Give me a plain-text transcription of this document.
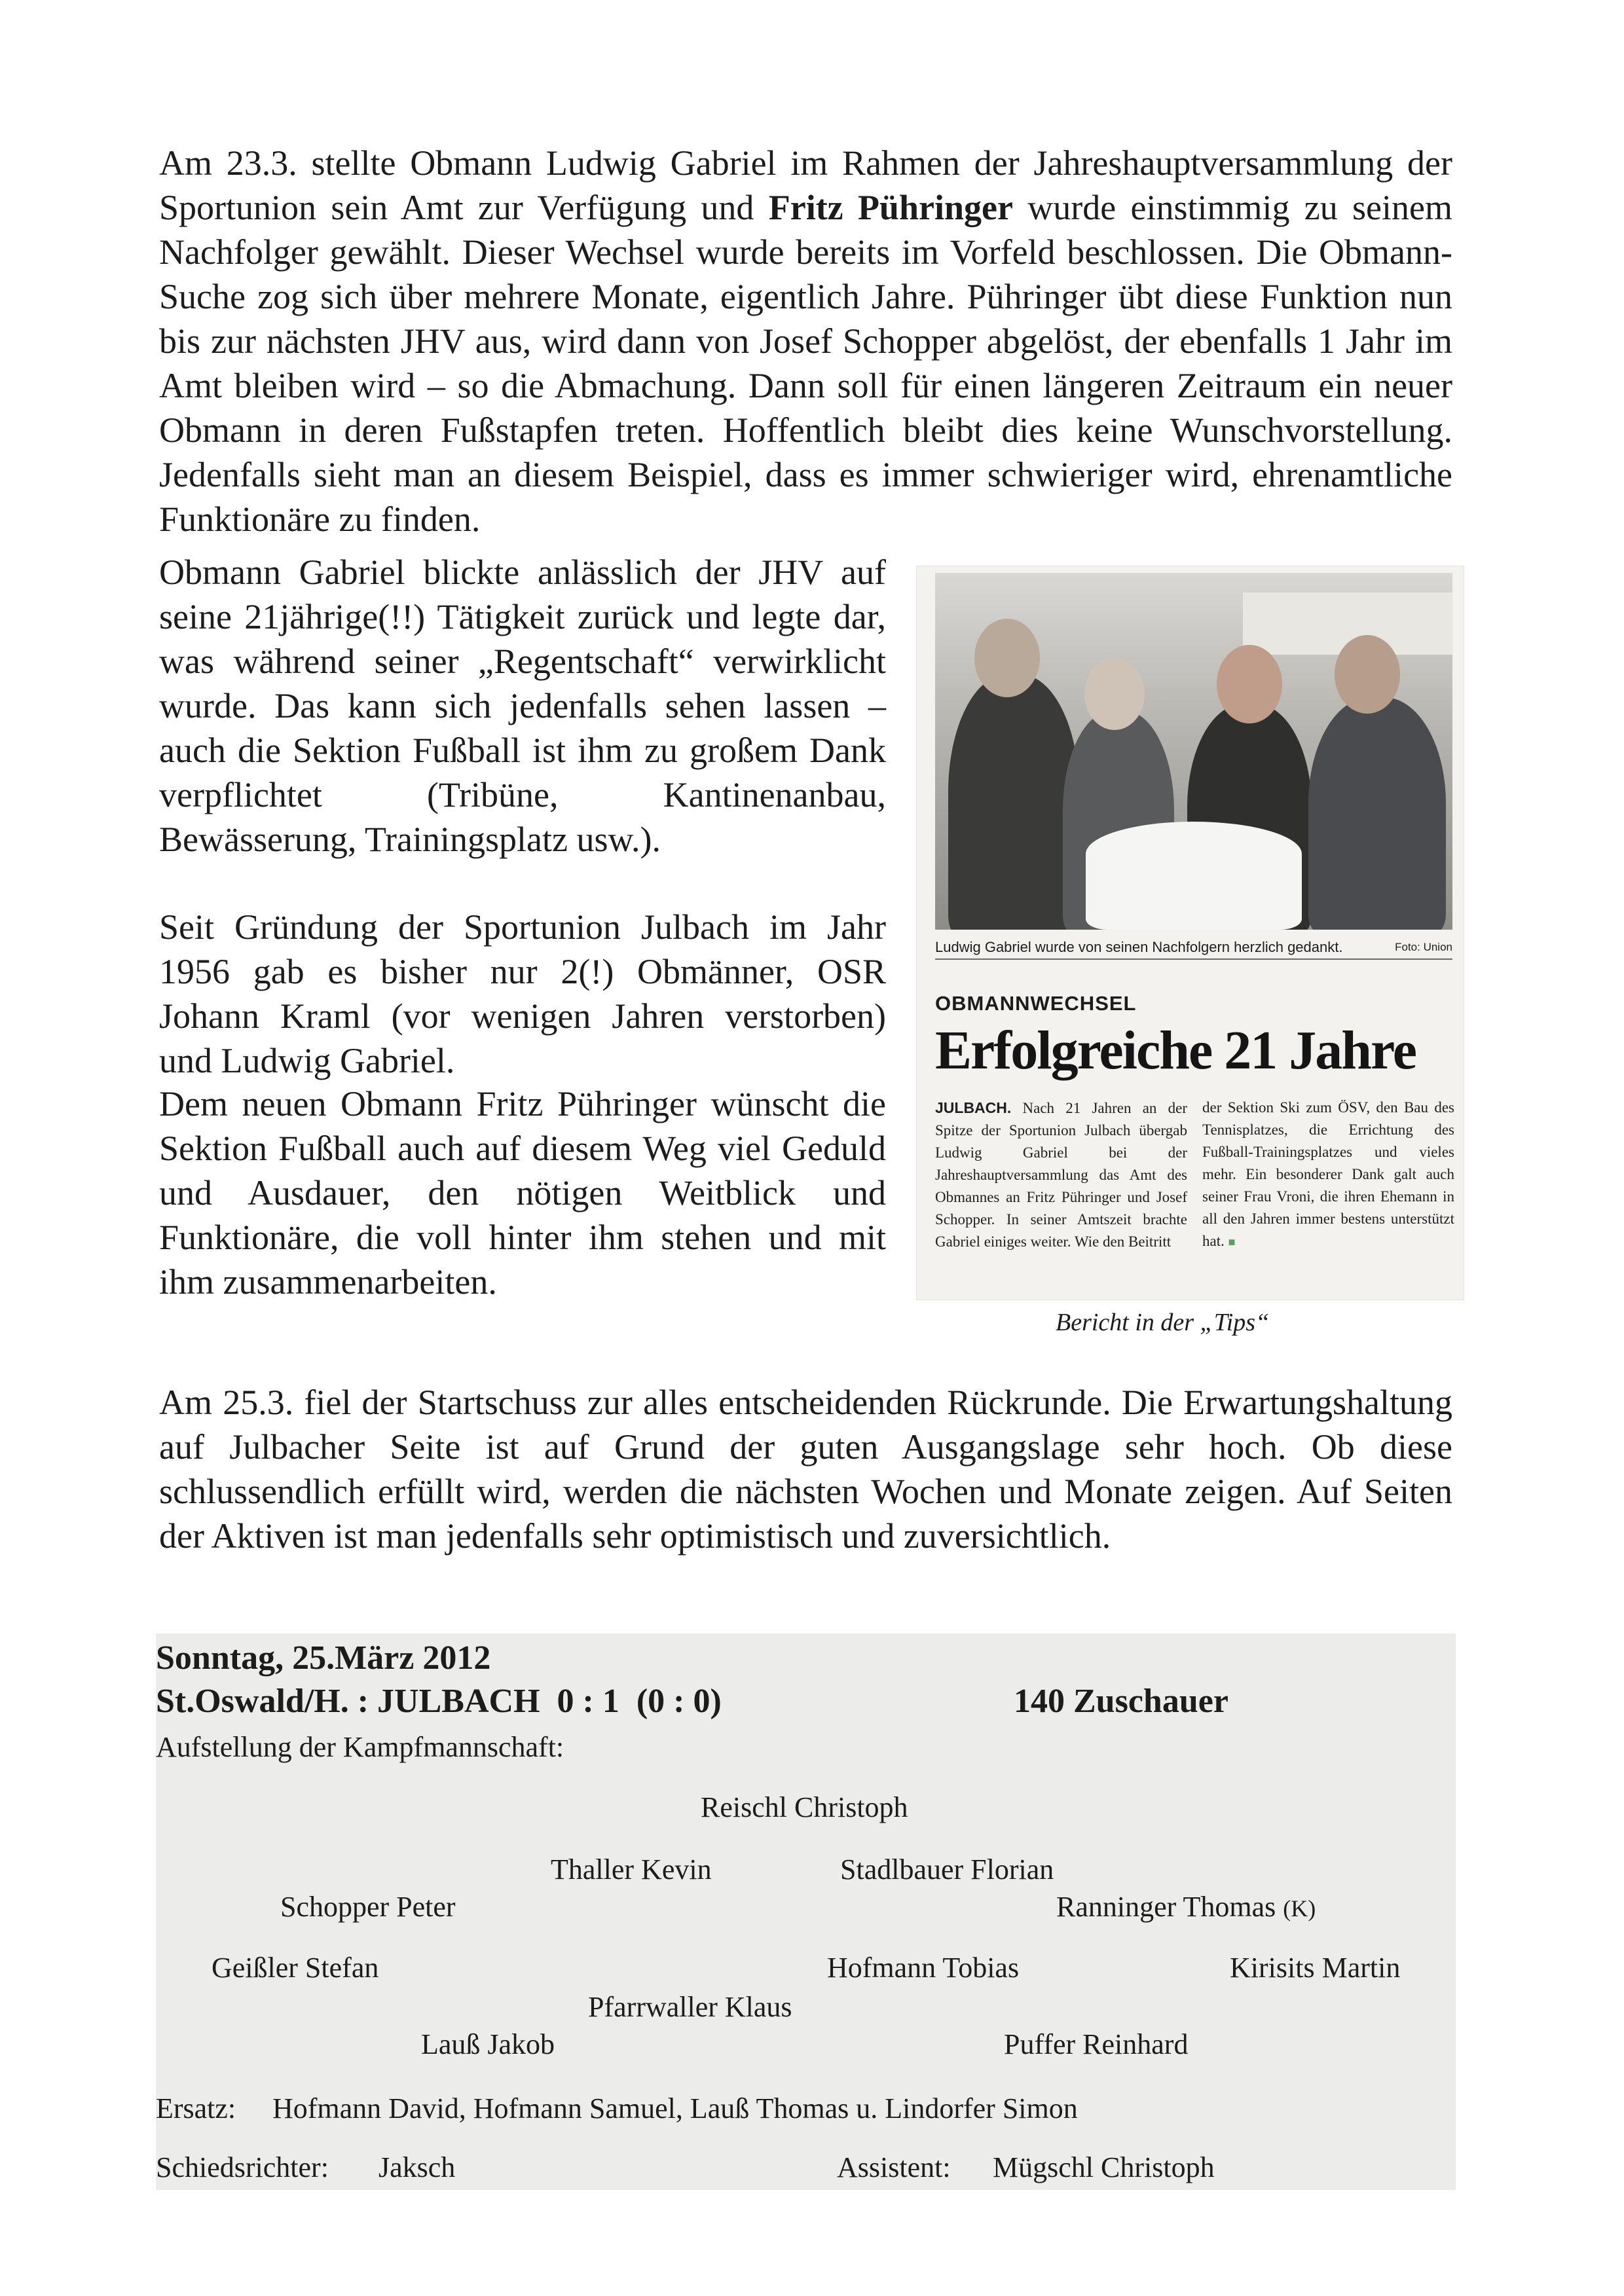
Am 23.3. stellte Obmann Ludwig Gabriel im Rahmen der Jahreshauptversammlung der Sportunion sein Amt zur Verfügung und Fritz Pühringer wurde einstimmig zu seinem Nachfolger gewählt. Dieser Wechsel wurde bereits im Vorfeld beschlossen. Die Obmann-Suche zog sich über mehrere Monate, eigentlich Jahre. Pühringer übt diese Funktion nun bis zur nächsten JHV aus, wird dann von Josef Schopper abgelöst, der ebenfalls 1 Jahr im Amt bleiben wird – so die Abmachung. Dann soll für einen längeren Zeitraum ein neuer Obmann in deren Fußstapfen treten. Hoffentlich bleibt dies keine Wunschvorstellung. Jedenfalls sieht man an diesem Beispiel, dass es immer schwieriger wird, ehrenamtliche Funktionäre zu finden.

Obmann Gabriel blickte anlässlich der JHV auf seine 21jährige(!!) Tätigkeit zurück und legte dar, was während seiner „Regentschaft“ verwirklicht wurde. Das kann sich jedenfalls sehen lassen – auch die Sektion Fußball ist ihm zu großem Dank verpflichtet (Tribüne, Kantinenanbau, Bewässerung, Trainingsplatz usw.).

Seit Gründung der Sportunion Julbach im Jahr 1956 gab es bisher nur 2(!) Obmänner, OSR Johann Kraml (vor wenigen Jahren verstorben) und Ludwig Gabriel.

Dem neuen Obmann Fritz Pühringer wünscht die Sektion Fußball auch auf diesem Weg viel Geduld und Ausdauer, den nötigen Weitblick und Funktionäre, die voll hinter ihm stehen und mit ihm zusammenarbeiten.

Ludwig Gabriel wurde von seinen Nachfolgern herzlich gedankt.	Foto: Union
OBMANNWECHSEL
Erfolgreiche 21 Jahre
JULBACH. Nach 21 Jahren an der Spitze der Sportunion Julbach übergab Ludwig Gabriel bei der Jahreshauptversammlung das Amt des Obmannes an Fritz Pühringer und Josef Schopper. In seiner Amtszeit brachte Gabriel einiges weiter. Wie den Beitritt
der Sektion Ski zum ÖSV, den Bau des Tennisplatzes, die Errichtung des Fußball-Trainingsplatzes und vieles mehr. Ein besonderer Dank galt auch seiner Frau Vroni, die ihren Ehemann in all den Jahren immer bestens unterstützt hat. ■
Bericht in der „Tips“

Am 25.3. fiel der Startschuss zur alles entscheidenden Rückrunde. Die Erwartungshaltung auf Julbacher Seite ist auf Grund der guten Ausgangslage sehr hoch. Ob diese schlussendlich erfüllt wird, werden die nächsten Wochen und Monate zeigen. Auf Seiten der Aktiven ist man jedenfalls sehr optimistisch und zuversichtlich.

Sonntag, 25.März 2012
St.Oswald/H. : JULBACH  0 : 1  (0 : 0)	140 Zuschauer
Aufstellung der Kampfmannschaft:
Reischl Christoph
Thaller Kevin	Stadlbauer Florian
Schopper Peter	Ranninger Thomas (K)
Geißler Stefan	Hofmann Tobias	Kirisits Martin
Pfarrwaller Klaus
Lauß Jakob	Puffer Reinhard
Ersatz: Hofmann David, Hofmann Samuel, Lauß Thomas u. Lindorfer Simon
Schiedsrichter: Jaksch	Assistent: Mügschl Christoph
